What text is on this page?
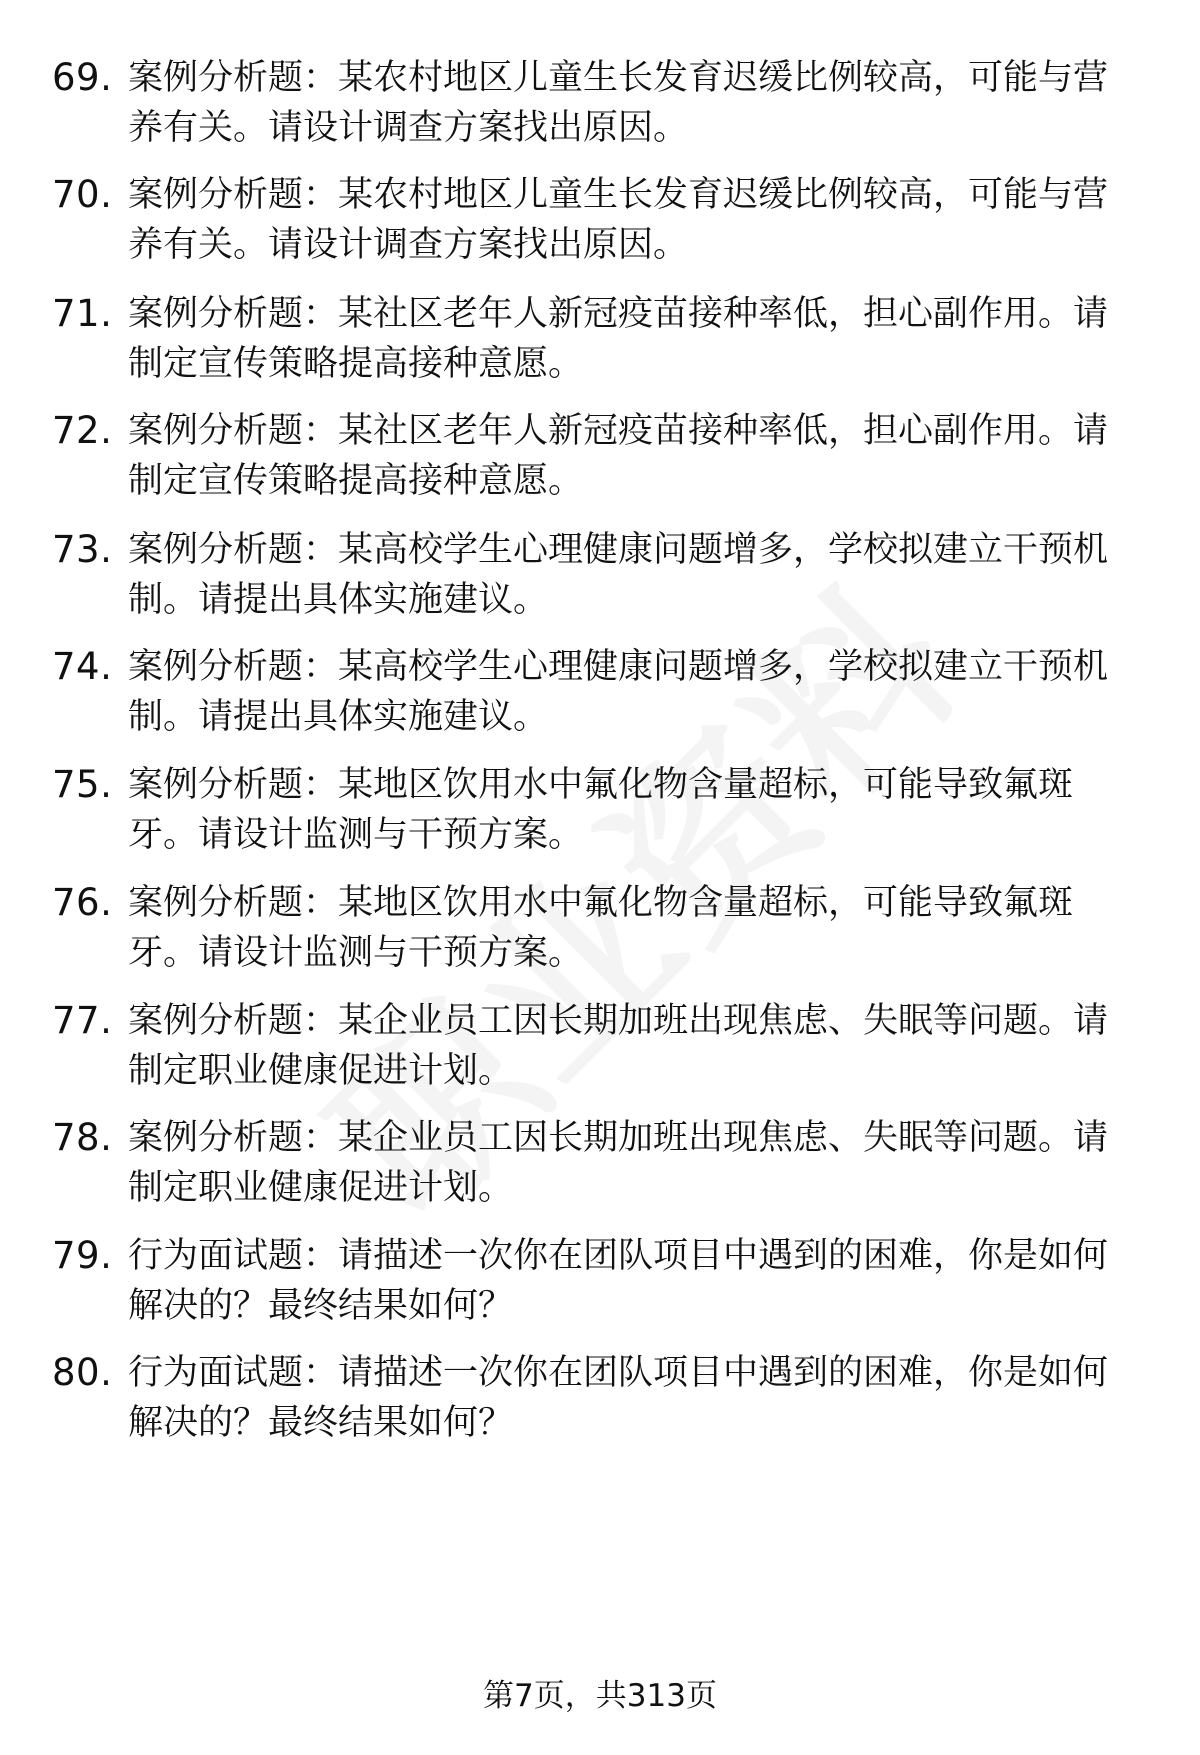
69. 案例分析题：某农村地区儿童生长发育迟缓比例较高，可能与营
养有关。请设计调查方案找出原因。
70. 案例分析题：某农村地区儿童生长发育迟缓比例较高，可能与营
养有关。请设计调查方案找出原因。
71. 案例分析题：某社区老年人新冠疫苗接种率低，担心副作用。请
制定宣传策略提高接种意愿。
72. 案例分析题：某社区老年人新冠疫苗接种率低，担心副作用。请
制定宣传策略提高接种意愿。
73. 案例分析题：某高校学生心理健康问题增多，学校拟建立干预机
制。请提出具体实施建议。
74. 案例分析题：某高校学生心理健康问题增多，学校拟建立干预机
制。请提出具体实施建议。
75. 案例分析题：某地区饮用水中氟化物含量超标，可能导致氟斑
牙。请设计监测与干预方案。
76. 案例分析题：某地区饮用水中氟化物含量超标，可能导致氟斑
牙。请设计监测与干预方案。
77. 案例分析题：某企业员工因长期加班出现焦虑、失眠等问题。请
制定职业健康促进计划。
78. 案例分析题：某企业员工因长期加班出现焦虑、失眠等问题。请
制定职业健康促进计划。
79. 行为面试题：请描述一次你在团队项目中遇到的困难，你是如何
解决的？最终结果如何？
80. 行为面试题：请描述一次你在团队项目中遇到的困难，你是如何
解决的？最终结果如何？
第7页，共313页
